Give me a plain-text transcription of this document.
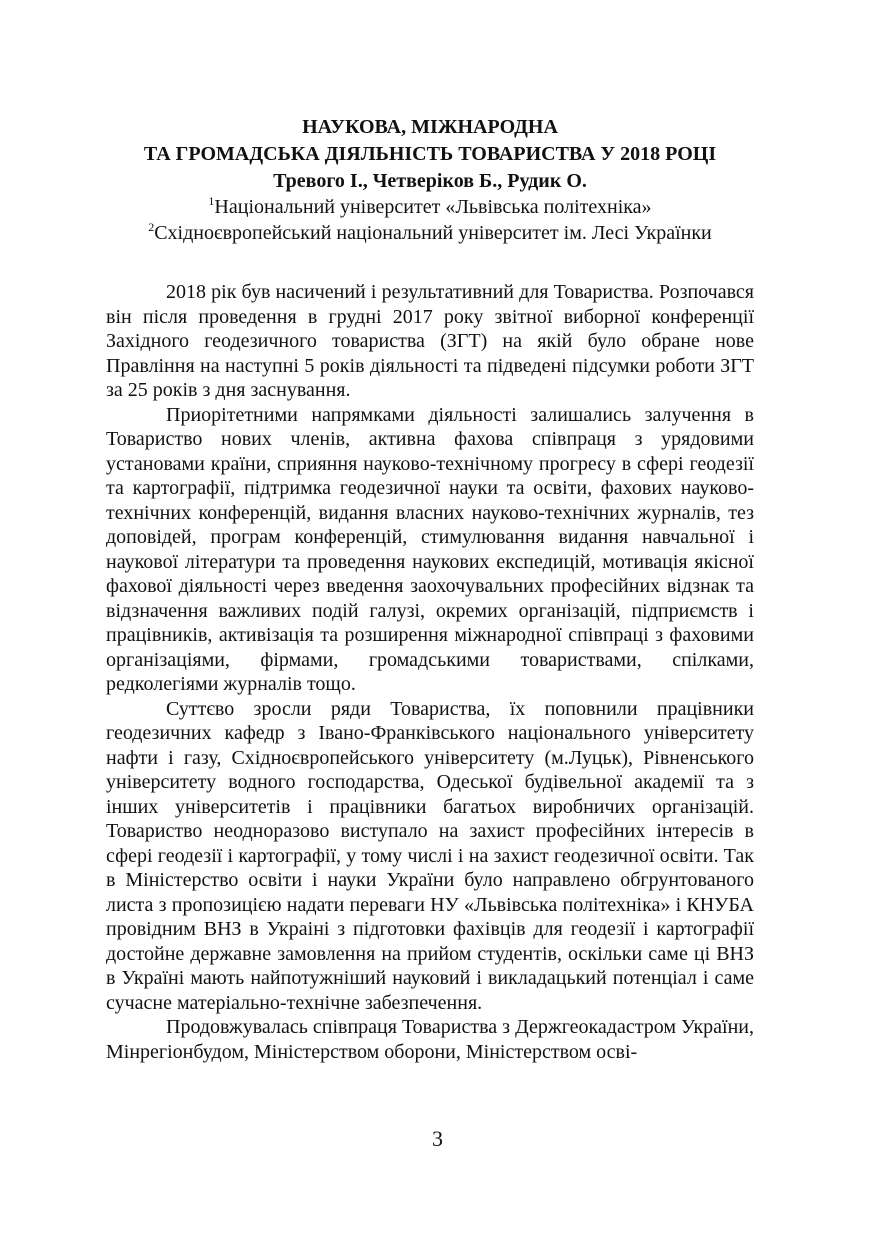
НАУКОВА, МІЖНАРОДНА
ТА ГРОМАДСЬКА ДІЯЛЬНІСТЬ ТОВАРИСТВА У 2018 РОЦІ
Тревого І., Четверіков Б., Рудик О.
$^1$Національний університет «Львівська політехніка»
$^2$Східноєвропейський національний університет ім. Лесі Українки

2018 рік був насичений і результативний для Товариства. Розпочався він після проведення в грудні 2017 року звітної виборної конференції Західного геодезичного товариства (ЗГТ) на якій було обране нове Правління на наступні 5 років діяльності та підведені підсумки роботи ЗГТ за 25 років з дня заснування.

Приорітетними напрямками діяльності залишались залучення в Товариство нових членів, активна фахова співпраця з урядовими установами країни, сприяння науково-технічному прогресу в сфері геодезії та картографії, підтримка геодезичної науки та освіти, фахових науково-технічних конференцій, видання власних науково-технічних журналів, тез доповідей, програм конференцій, стимулювання видання навчальної і наукової літератури та проведення наукових експедицій, мотивація якісної фахової діяльності через введення заохочувальних професійних відзнак та відзначення важливих подій галузі, окремих організацій, підприємств і працівників, активізація та розширення міжнародної співпраці з фаховими організаціями, фірмами, громадськими товариствами, спілками, редколегіями журналів тощо.

Суттєво зросли ряди Товариства, їх поповнили працівники геодезичних кафедр з Івано-Франківського національного університету нафти і газу, Східноєвропейського університету (м.Луцьк), Рівненського університету водного господарства, Одеської будівельної академії та з інших університетів і працівники багатьох виробничих організацій. Товариство неодноразово виступало на захист професійних інтересів в сфері геодезії і картографії, у тому числі і на захист геодезичної освіти. Так в Міністерство освіти і науки України було направлено обгрунтованого листа з пропозицією надати переваги НУ «Львівська політехніка» і КНУБА провідним ВНЗ в Украіні з підготовки фахівців для геодезії і картографії достойне державне замовлення на прийом студентів, оскільки саме ці ВНЗ в Україні мають найпотужніший науковий і викладацький потенціал і саме сучасне матеріально-технічне забезпечення.

Продовжувалась співпраця Товариства з Держгеокадастром України, Мінрегіонбудом, Міністерством оборони, Міністерством осві-

3
